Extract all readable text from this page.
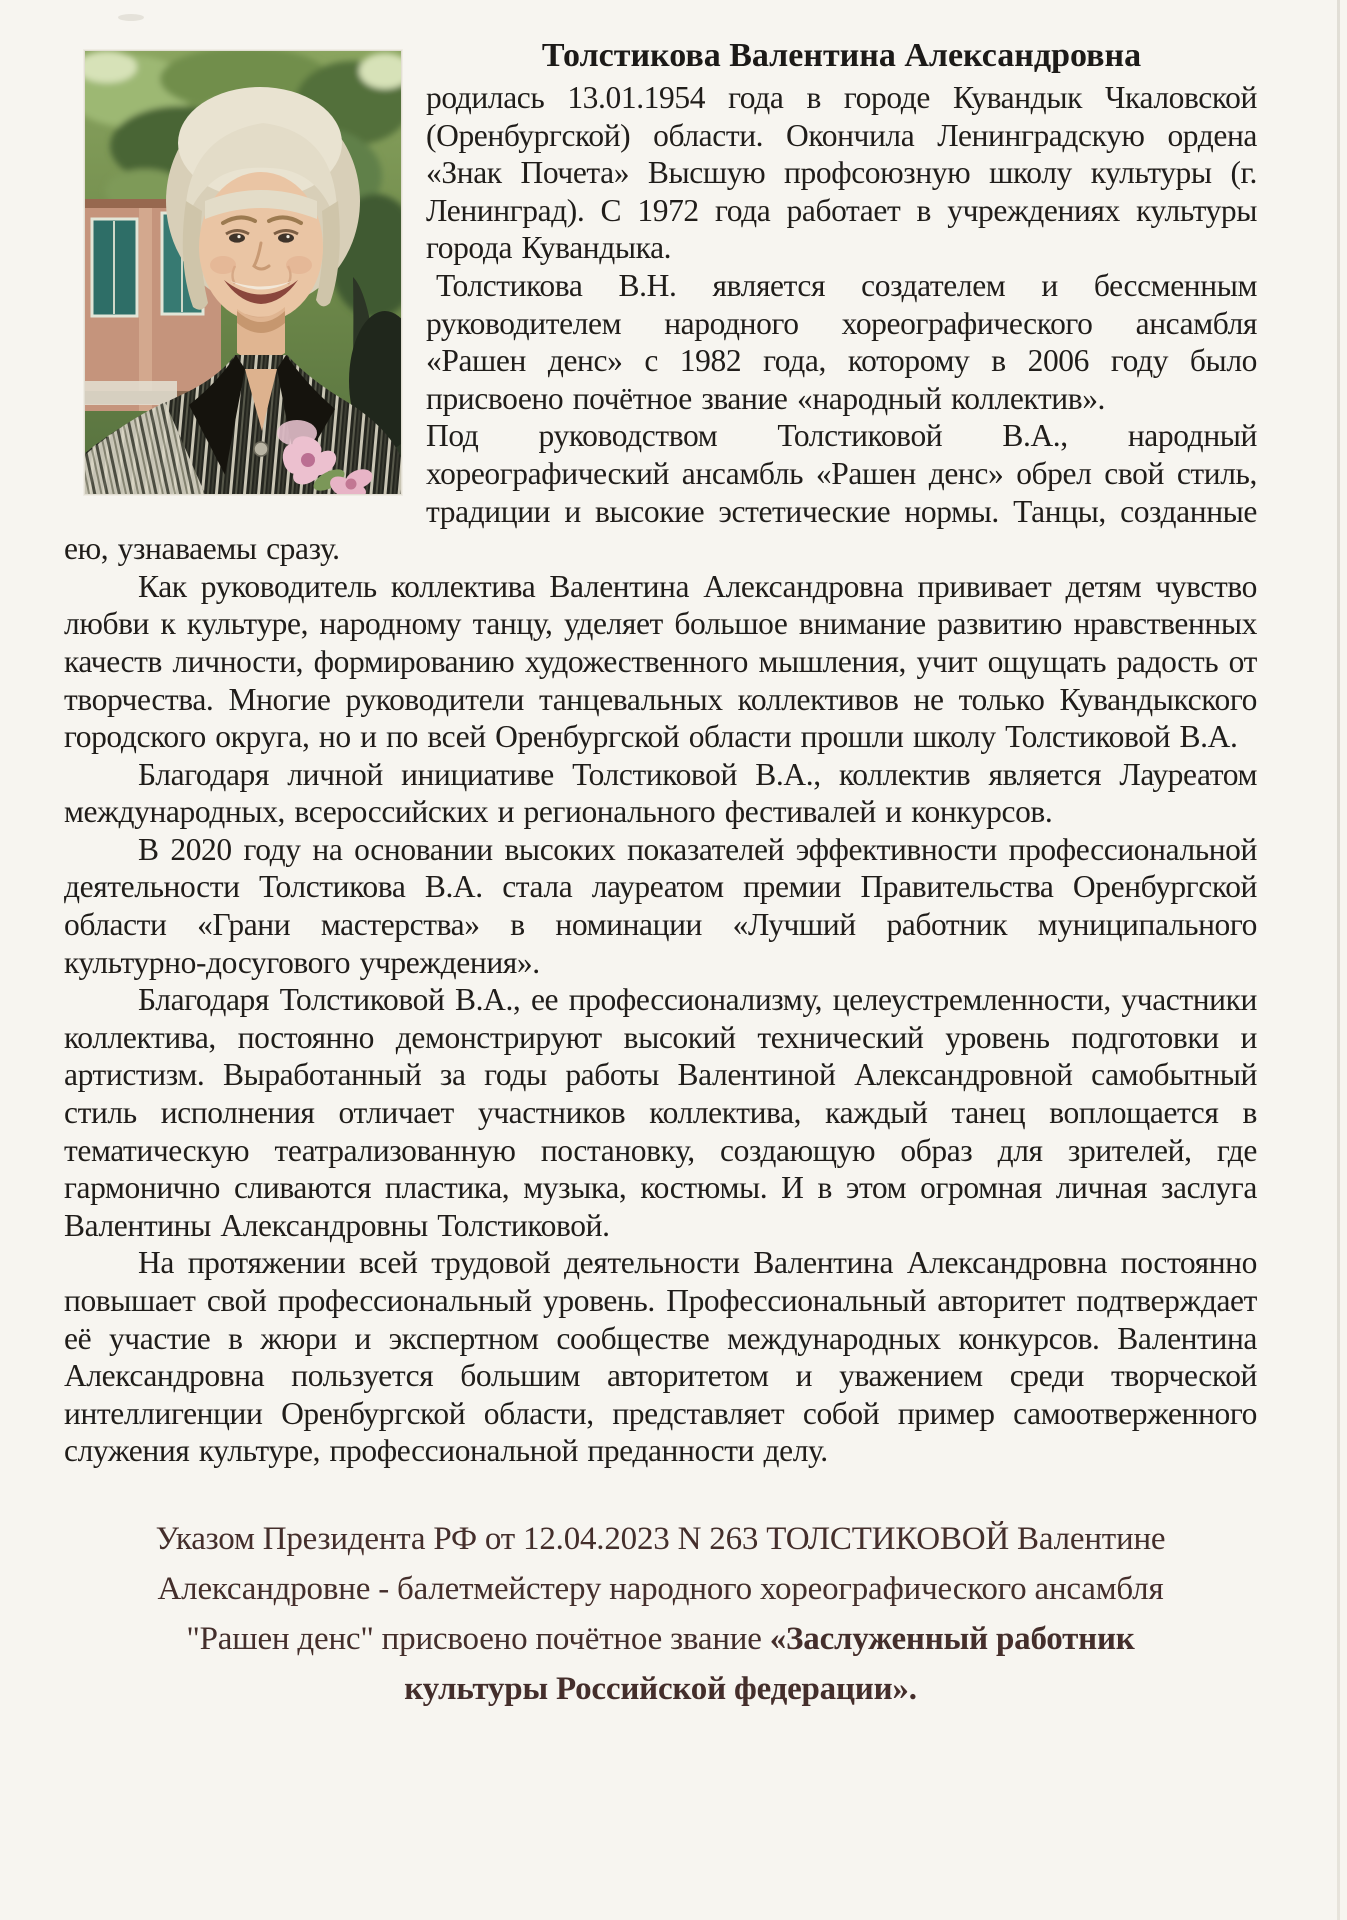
Толстикова Валентина Александровна

родилась 13.01.1954 года в городе Кувандык Чкаловской (Оренбургской) области. Окончила Ленинградскую ордена «Знак Почета» Высшую профсоюзную школу культуры (г. Ленинград). С 1972 года работает в учреждениях культуры города Кувандыка.

Толстикова В.Н. является создателем и бессменным руководителем народного хореографического ансамбля «Рашен денс» с 1982 года, которому в 2006 году было присвоено почётное звание «народный коллектив».

Под руководством Толстиковой В.А., народный хореографический ансамбль «Рашен денс» обрел свой стиль, традиции и высокие эстетические нормы. Танцы, созданные ею, узнаваемы сразу.

Как руководитель коллектива Валентина Александровна прививает детям чувство любви к культуре, народному танцу, уделяет большое внимание развитию нравственных качеств личности, формированию художественного мышления, учит ощущать радость от творчества. Многие руководители танцевальных коллективов не только Кувандыкского городского округа, но и по всей Оренбургской области прошли школу Толстиковой В.А.

Благодаря личной инициативе Толстиковой В.А., коллектив является Лауреатом международных, всероссийских и регионального фестивалей и конкурсов.

В 2020 году на основании высоких показателей эффективности профессиональной деятельности Толстикова В.А. стала лауреатом премии Правительства Оренбургской области «Грани мастерства» в номинации «Лучший работник муниципального культурно-досугового учреждения».

Благодаря Толстиковой В.А., ее профессионализму, целеустремленности, участники коллектива, постоянно демонстрируют высокий технический уровень подготовки и артистизм. Выработанный за годы работы Валентиной Александровной самобытный стиль исполнения отличает участников коллектива, каждый танец воплощается в тематическую театрализованную постановку, создающую образ для зрителей, где гармонично сливаются пластика, музыка, костюмы. И в этом огромная личная заслуга Валентины Александровны Толстиковой.

На протяжении всей трудовой деятельности Валентина Александровна постоянно повышает свой профессиональный уровень. Профессиональный авторитет подтверждает её участие в жюри и экспертном сообществе международных конкурсов. Валентина Александровна пользуется большим авторитетом и уважением среди творческой интеллигенции Оренбургской области, представляет собой пример самоотверженного служения культуре, профессиональной преданности делу.

Указом Президента РФ от 12.04.2023 N 263 ТОЛСТИКОВОЙ Валентине Александровне - балетмейстеру народного хореографического ансамбля "Рашен денс" присвоено почётное звание «Заслуженный работник культуры Российской федерации».
